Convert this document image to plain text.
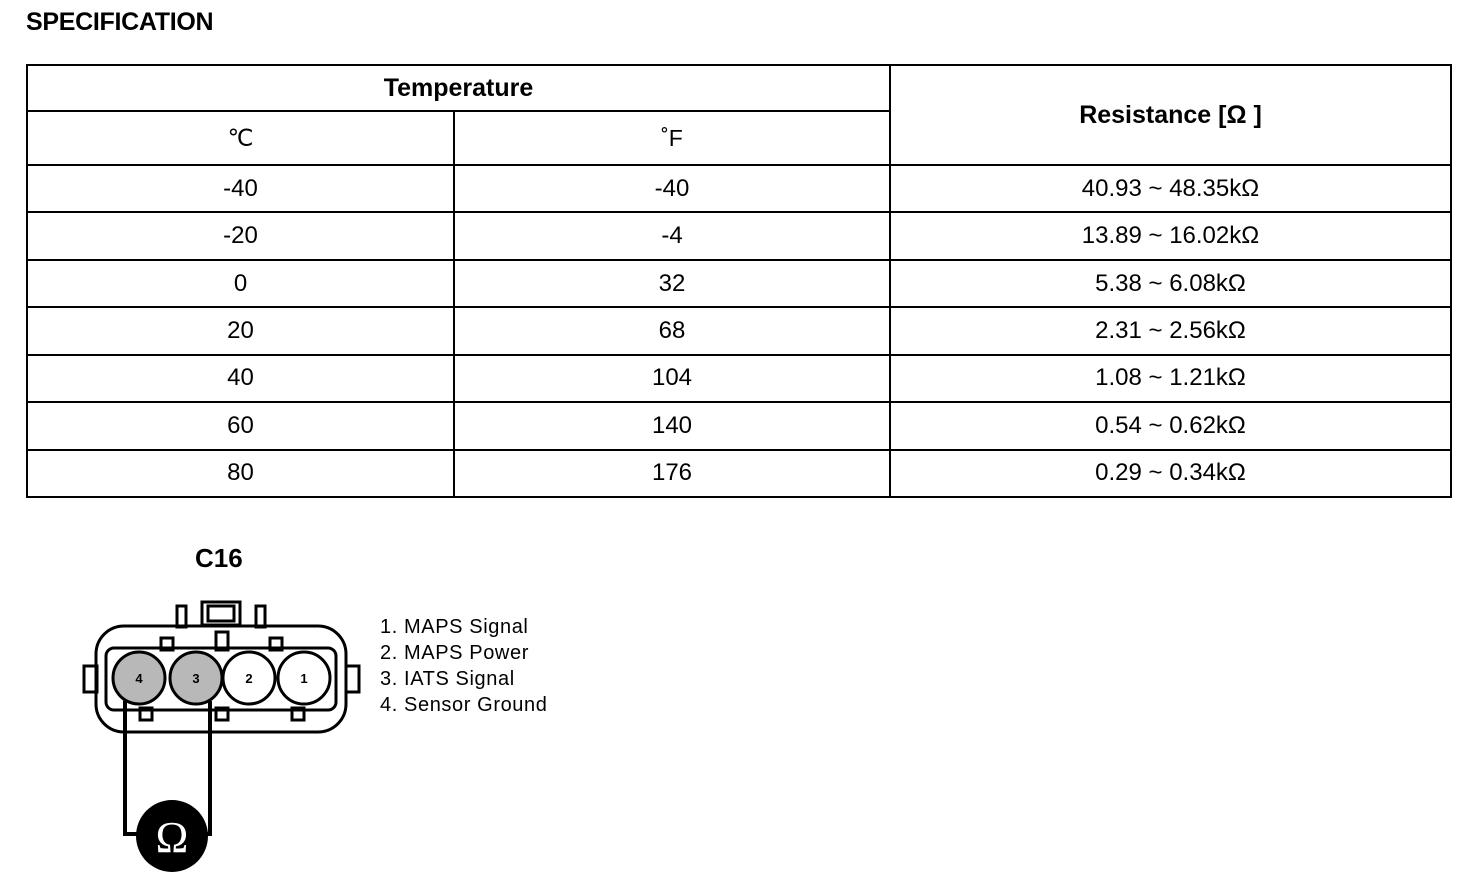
SPECIFICATION
Temperature		Resistance [Ω ]
℃	˚F	
-40	-40	40.93 ~ 48.35kΩ
-20	-4	13.89 ~ 16.02kΩ
0	32	5.38 ~ 6.08kΩ
20	68	2.31 ~ 2.56kΩ
40	104	1.08 ~ 1.21kΩ
60	140	0.54 ~ 0.62kΩ
80	176	0.29 ~ 0.34kΩ
C16
4	3	2	1
Ω
1. MAPS Signal
2. MAPS Power
3. IATS Signal
4. Sensor Ground
